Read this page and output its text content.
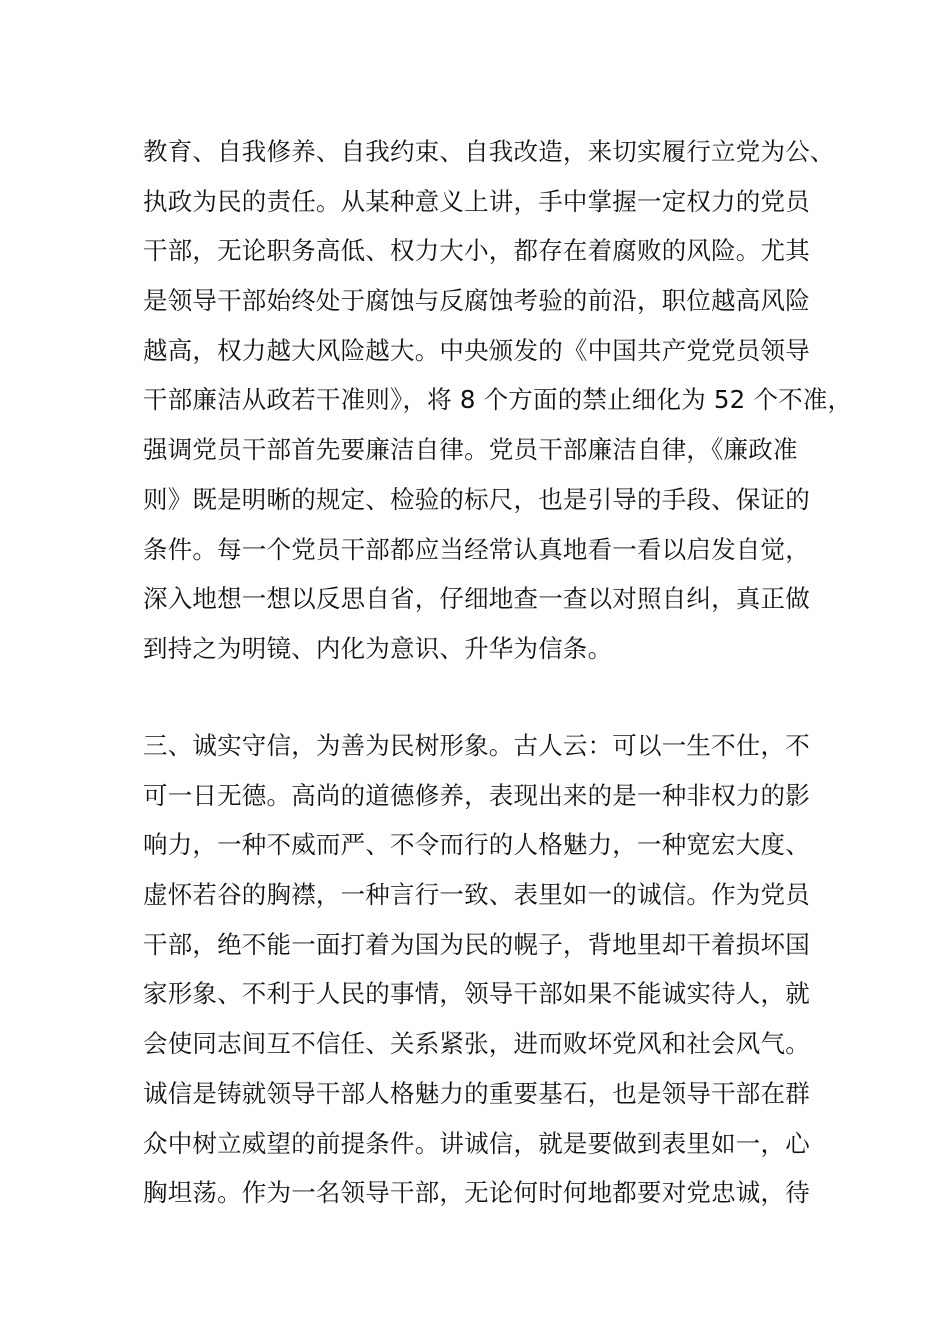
教育、自我修养、自我约束、自我改造，来切实履行立党为公、
执政为民的责任。从某种意义上讲，手中掌握一定权力的党员
干部，无论职务高低、权力大小，都存在着腐败的风险。尤其
是领导干部始终处于腐蚀与反腐蚀考验的前沿，职位越高风险
越高，权力越大风险越大。中央颁发的《中国共产党党员领导
干部廉洁从政若干准则》，将 8 个方面的禁止细化为 52 个不准，
强调党员干部首先要廉洁自律。党员干部廉洁自律，《廉政准
则》既是明晰的规定、检验的标尺，也是引导的手段、保证的
条件。每一个党员干部都应当经常认真地看一看以启发自觉，
深入地想一想以反思自省，仔细地查一查以对照自纠，真正做
到持之为明镜、内化为意识、升华为信条。
三、诚实守信，为善为民树形象。古人云：可以一生不仕，不
可一日无德。高尚的道德修养，表现出来的是一种非权力的影
响力，一种不威而严、不令而行的人格魅力，一种宽宏大度、
虚怀若谷的胸襟，一种言行一致、表里如一的诚信。作为党员
干部，绝不能一面打着为国为民的幌子，背地里却干着损坏国
家形象、不利于人民的事情，领导干部如果不能诚实待人，就
会使同志间互不信任、关系紧张，进而败坏党风和社会风气。
诚信是铸就领导干部人格魅力的重要基石，也是领导干部在群
众中树立威望的前提条件。讲诚信，就是要做到表里如一，心
胸坦荡。作为一名领导干部，无论何时何地都要对党忠诚，待
